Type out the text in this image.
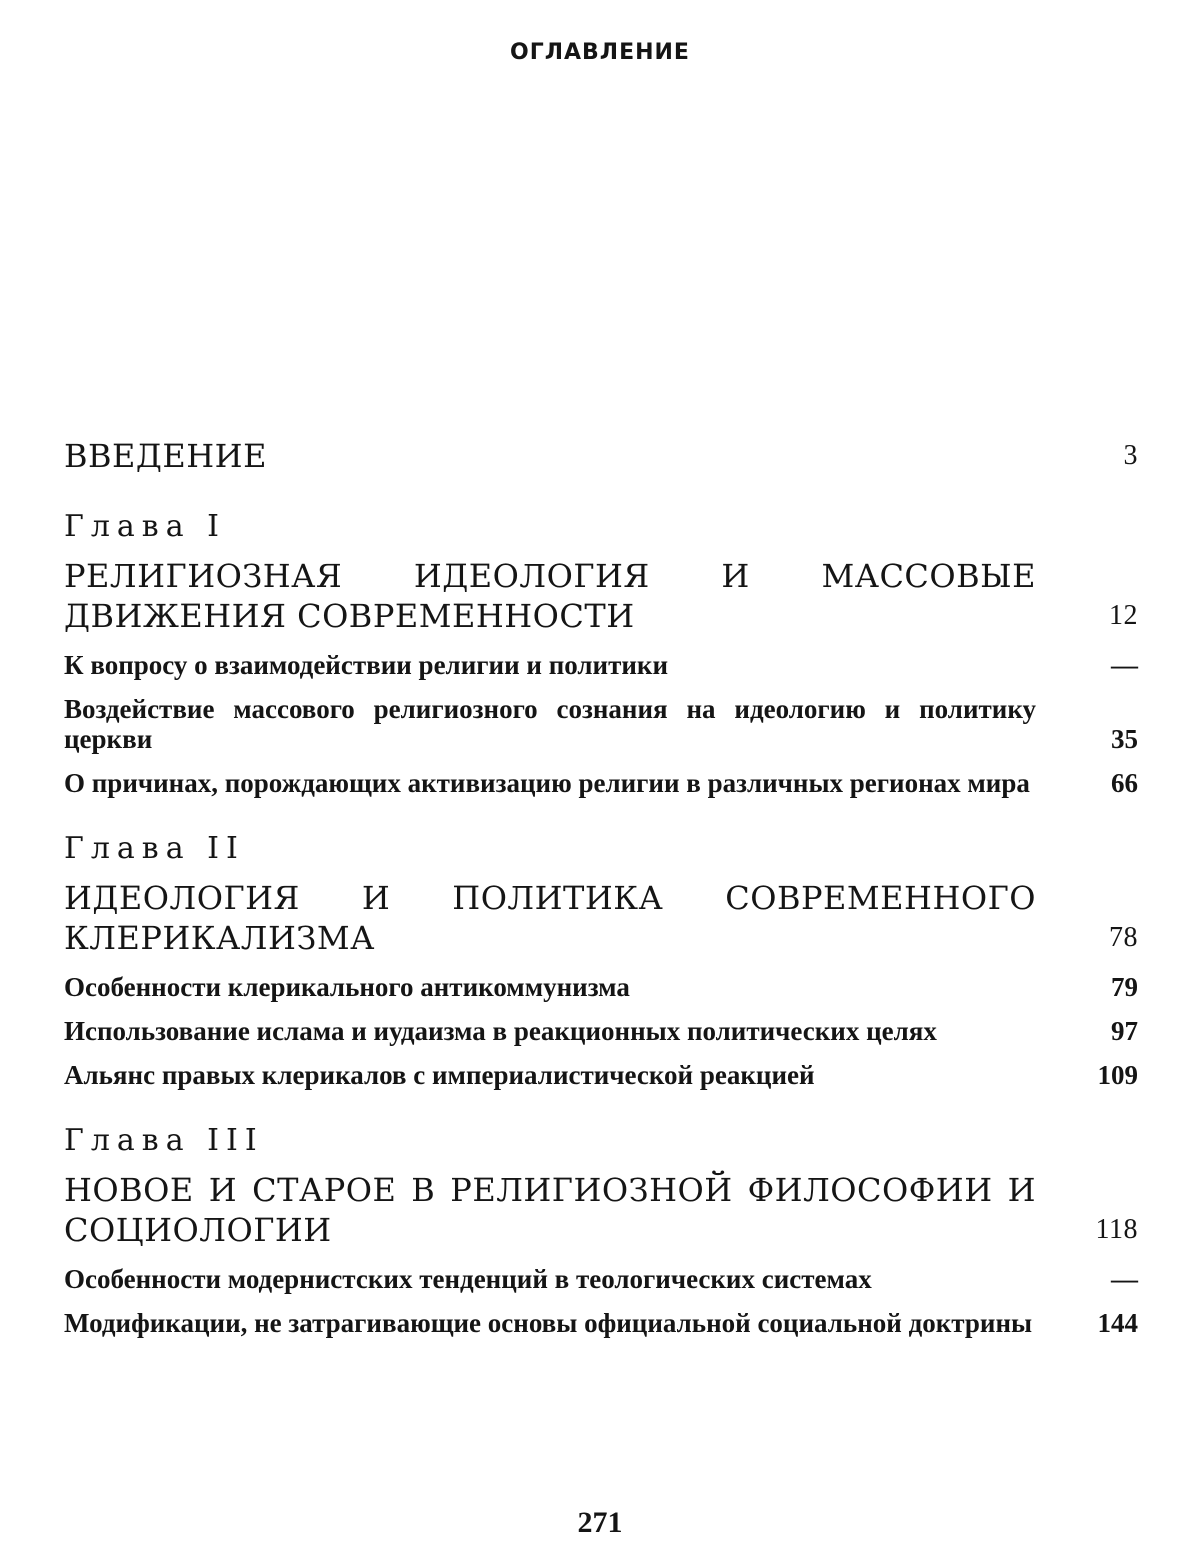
ОГЛАВЛЕНИЕ
ВВЕДЕНИЕ	3
Глава I
РЕЛИГИОЗНАЯ ИДЕОЛОГИЯ И МАССОВЫЕ ДВИЖЕНИЯ СОВРЕМЕННОСТИ	12
К вопросу о взаимодействии религии и политики	—
Воздействие массового религиозного сознания на идеологию и политику церкви	35
О причинах, порождающих активизацию религии в различных регионах мира	66
Глава II
ИДЕОЛОГИЯ И ПОЛИТИКА СОВРЕМЕННОГО КЛЕРИКАЛИЗМА	78
Особенности клерикального антикоммунизма	79
Использование ислама и иудаизма в реакционных политических целях	97
Альянс правых клерикалов с империалистической реакцией	109
Глава III
НОВОЕ И СТАРОЕ В РЕЛИГИОЗНОЙ ФИЛОСОФИИ И СОЦИОЛОГИИ	118
Особенности модернистских тенденций в теологических системах	—
Модификации, не затрагивающие основы официальной социальной доктрины	144
271
